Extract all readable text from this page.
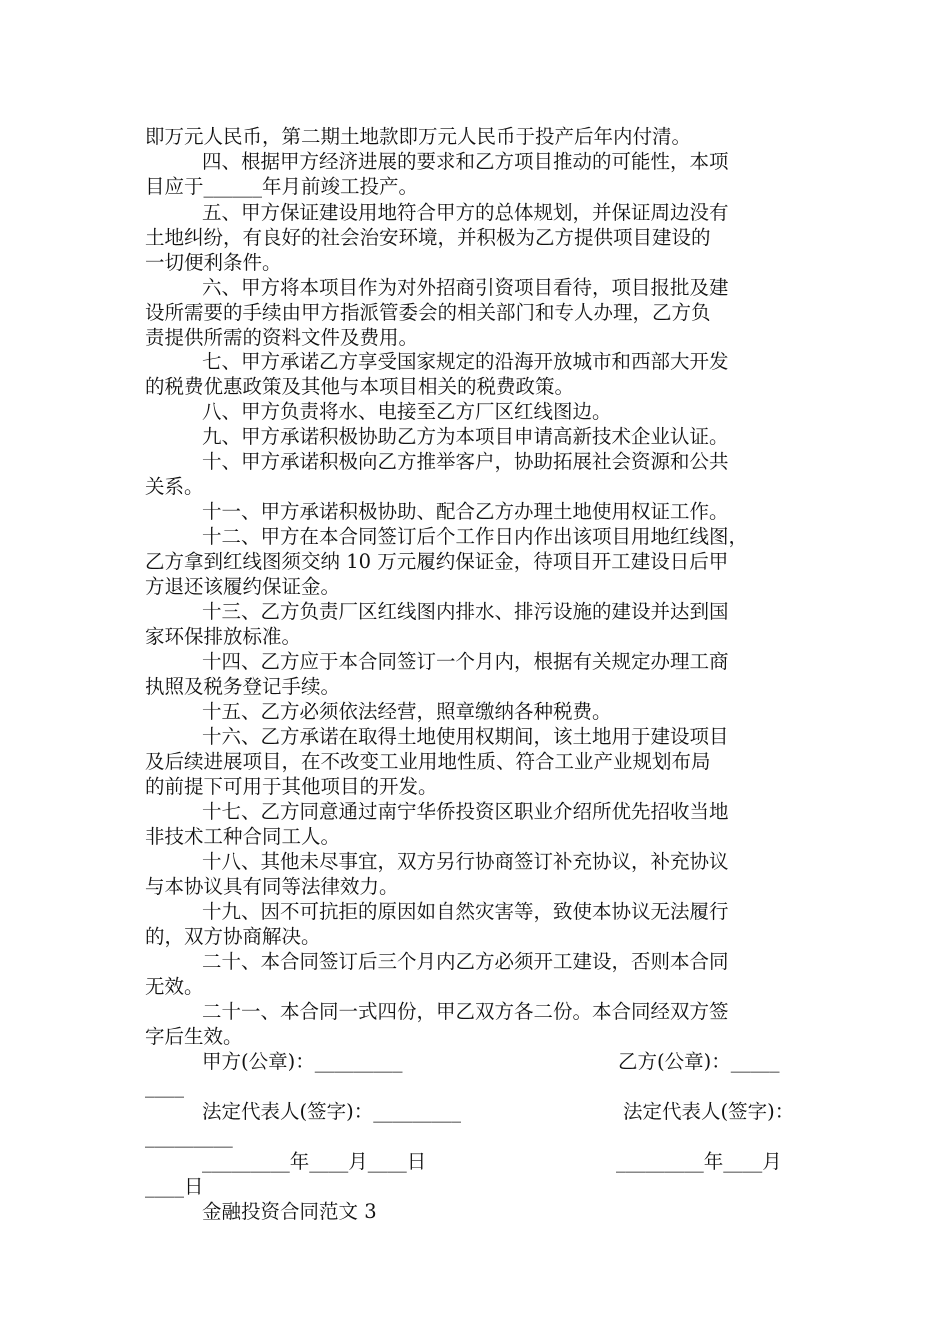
即万元人民币，第二期土地款即万元人民币于投产后年内付清。
四、根据甲方经济进展的要求和乙方项目推动的可能性，本项
目应于______年月前竣工投产。
五、甲方保证建设用地符合甲方的总体规划，并保证周边没有
土地纠纷，有良好的社会治安环境，并积极为乙方提供项目建设的
一切便利条件。
六、甲方将本项目作为对外招商引资项目看待，项目报批及建
设所需要的手续由甲方指派管委会的相关部门和专人办理，乙方负
责提供所需的资料文件及费用。
七、甲方承诺乙方享受国家规定的沿海开放城市和西部大开发
的税费优惠政策及其他与本项目相关的税费政策。
八、甲方负责将水、电接至乙方厂区红线图边。
九、甲方承诺积极协助乙方为本项目申请高新技术企业认证。
十、甲方承诺积极向乙方推举客户，协助拓展社会资源和公共
关系。
十一、甲方承诺积极协助、配合乙方办理土地使用权证工作。
十二、甲方在本合同签订后个工作日内作出该项目用地红线图，
乙方拿到红线图须交纳 10 万元履约保证金，待项目开工建设日后甲
方退还该履约保证金。
十三、乙方负责厂区红线图内排水、排污设施的建设并达到国
家环保排放标准。
十四、乙方应于本合同签订一个月内，根据有关规定办理工商
执照及税务登记手续。
十五、乙方必须依法经营，照章缴纳各种税费。
十六、乙方承诺在取得土地使用权期间，该土地用于建设项目
及后续进展项目，在不改变工业用地性质、符合工业产业规划布局
的前提下可用于其他项目的开发。
十七、乙方同意通过南宁华侨投资区职业介绍所优先招收当地
非技术工种合同工人。
十八、其他未尽事宜，双方另行协商签订补充协议，补充协议
与本协议具有同等法律效力。
十九、因不可抗拒的原因如自然灾害等，致使本协议无法履行
的，双方协商解决。
二十、本合同签订后三个月内乙方必须开工建设，否则本合同
无效。
二十一、本合同一式四份，甲乙双方各二份。本合同经双方签
字后生效。
甲方(公章)：_________	乙方(公章)：_____
____
法定代表人(签字)：_________	法定代表人(签字)：
_________
_________年____月____日	_________年____月
____日
金融投资合同范文 3
